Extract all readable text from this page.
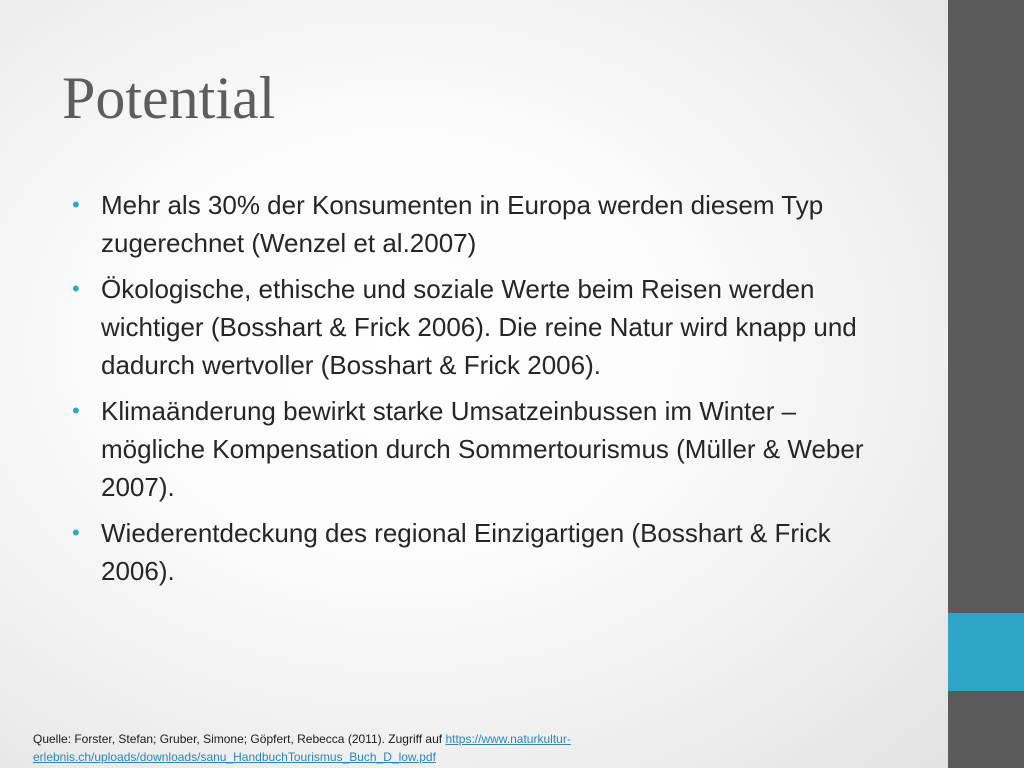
Potential
• Mehr als 30% der Konsumenten in Europa werden diesem Typ zugerechnet (Wenzel et al.2007)
• Ökologische, ethische und soziale Werte beim Reisen werden wichtiger (Bosshart & Frick 2006). Die reine Natur wird knapp und dadurch wertvoller (Bosshart & Frick 2006).
• Klimaänderung bewirkt starke Umsatzeinbussen im Winter – mögliche Kompensation durch Sommertourismus (Müller & Weber 2007).
• Wiederentdeckung des regional Einzigartigen (Bosshart & Frick 2006).

Quelle: Forster, Stefan; Gruber, Simone; Göpfert, Rebecca (2011). Zugriff auf https://www.naturkultur-erlebnis.ch/uploads/downloads/sanu_HandbuchTourismus_Buch_D_low.pdf
